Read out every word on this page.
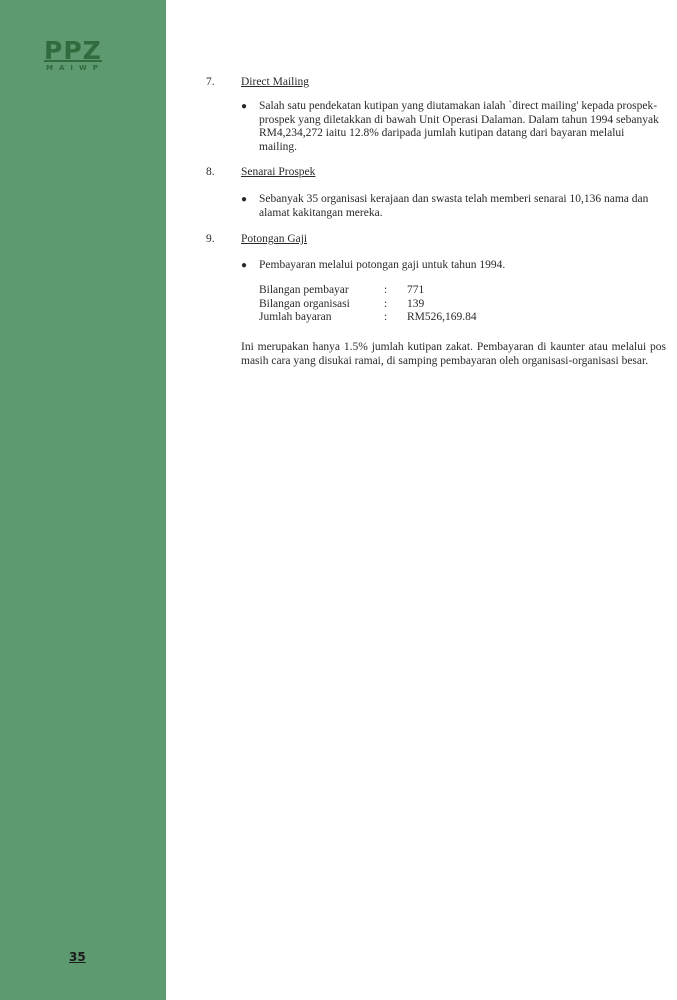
PPZ
MAIWP
35
7. Direct Mailing
● Salah satu pendekatan kutipan yang diutamakan ialah `direct mailing' kepada prospek-prospek yang diletakkan di bawah Unit Operasi Dalaman. Dalam tahun 1994 sebanyak RM4,234,272 iaitu 12.8% daripada jumlah kutipan datang dari bayaran melalui mailing.
8. Senarai Prospek
● Sebanyak 35 organisasi kerajaan dan swasta telah memberi senarai 10,136 nama dan alamat kakitangan mereka.
9. Potongan Gaji
● Pembayaran melalui potongan gaji untuk tahun 1994.
Bilangan pembayar	: 771
Bilangan organisasi	: 139
Jumlah bayaran	: RM526,169.84
Ini merupakan hanya 1.5% jumlah kutipan zakat. Pembayaran di kaunter atau melalui pos masih cara yang disukai ramai, di samping pembayaran oleh organisasi-organisasi besar.
